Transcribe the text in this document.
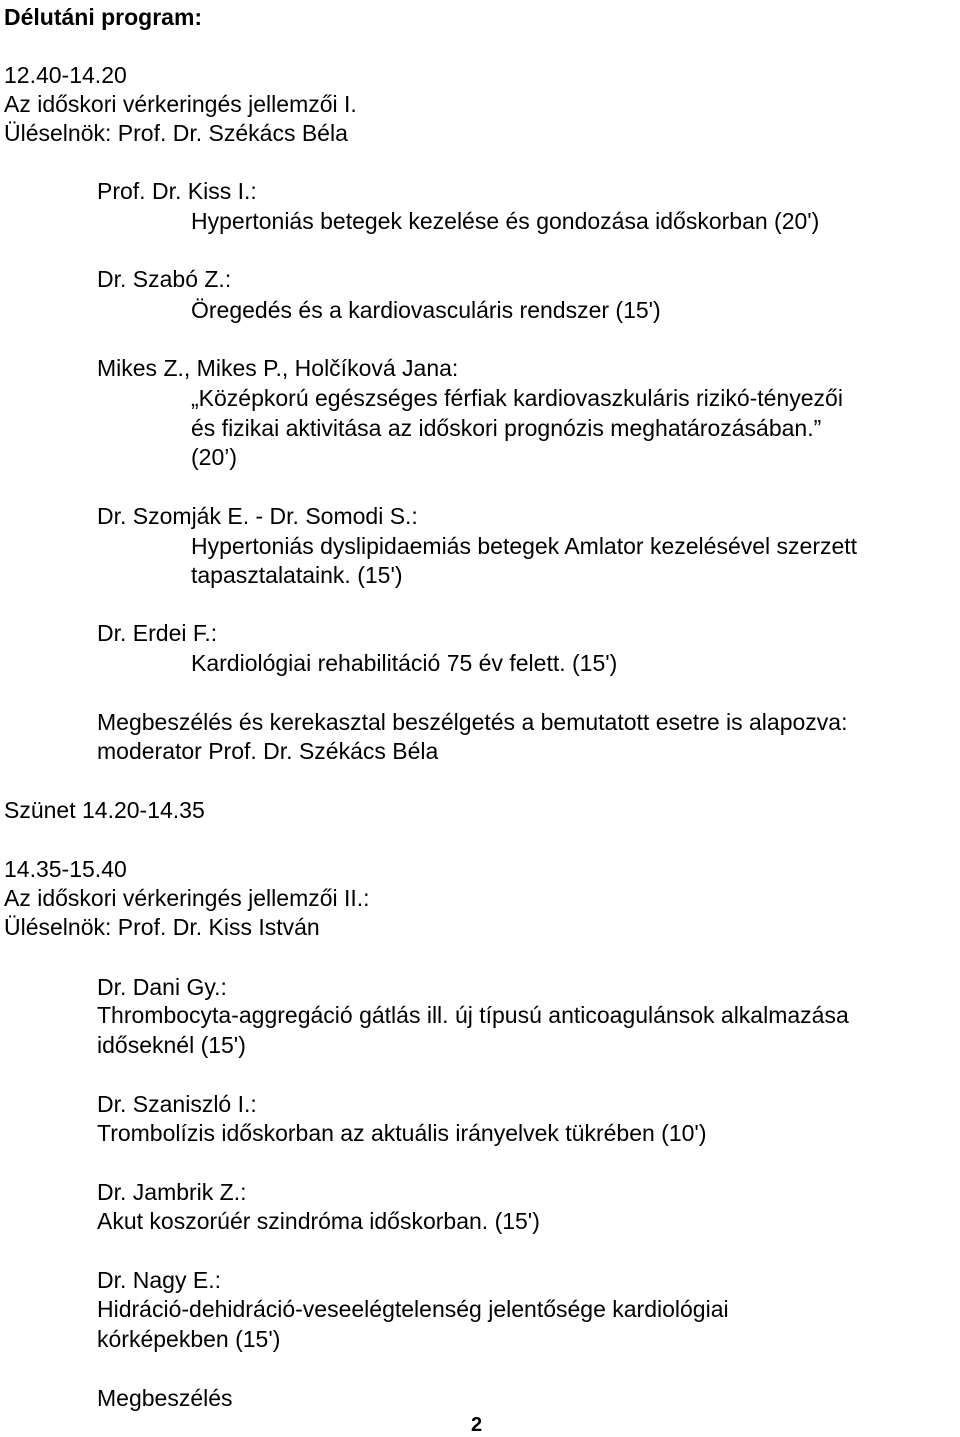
Délutáni program:
12.40-14.20
Az időskori vérkeringés jellemzői I.
Üléselnök: Prof. Dr. Székács Béla
Prof. Dr. Kiss I.:
Hypertoniás betegek kezelése és gondozása időskorban (20')
Dr. Szabó Z.:
Öregedés és a kardiovasculáris rendszer (15')
Mikes Z., Mikes P., Holčíková Jana:
„Középkorú egészséges férfiak kardiovaszkuláris rizikó-tényezői
és fizikai aktivitása az időskori prognózis meghatározásában.”
(20’)
Dr. Szomják E. - Dr. Somodi S.:
Hypertoniás dyslipidaemiás betegek Amlator kezelésével szerzett
tapasztalataink. (15')
Dr. Erdei F.:
Kardiológiai rehabilitáció 75 év felett. (15')
Megbeszélés és kerekasztal beszélgetés a bemutatott esetre is alapozva:
moderator Prof. Dr. Székács Béla
Szünet 14.20-14.35
14.35-15.40
Az időskori vérkeringés jellemzői II.:
Üléselnök: Prof. Dr. Kiss István
Dr. Dani Gy.:
Thrombocyta-aggregáció gátlás ill. új típusú anticoagulánsok alkalmazása
időseknél (15')
Dr. Szaniszló I.:
Trombolízis időskorban az aktuális irányelvek tükrében (10')
Dr. Jambrik Z.:
Akut koszorúér szindróma időskorban. (15')
Dr. Nagy E.:
Hidráció-dehidráció-veseelégtelenség jelentősége kardiológiai
kórképekben (15')
Megbeszélés
2
